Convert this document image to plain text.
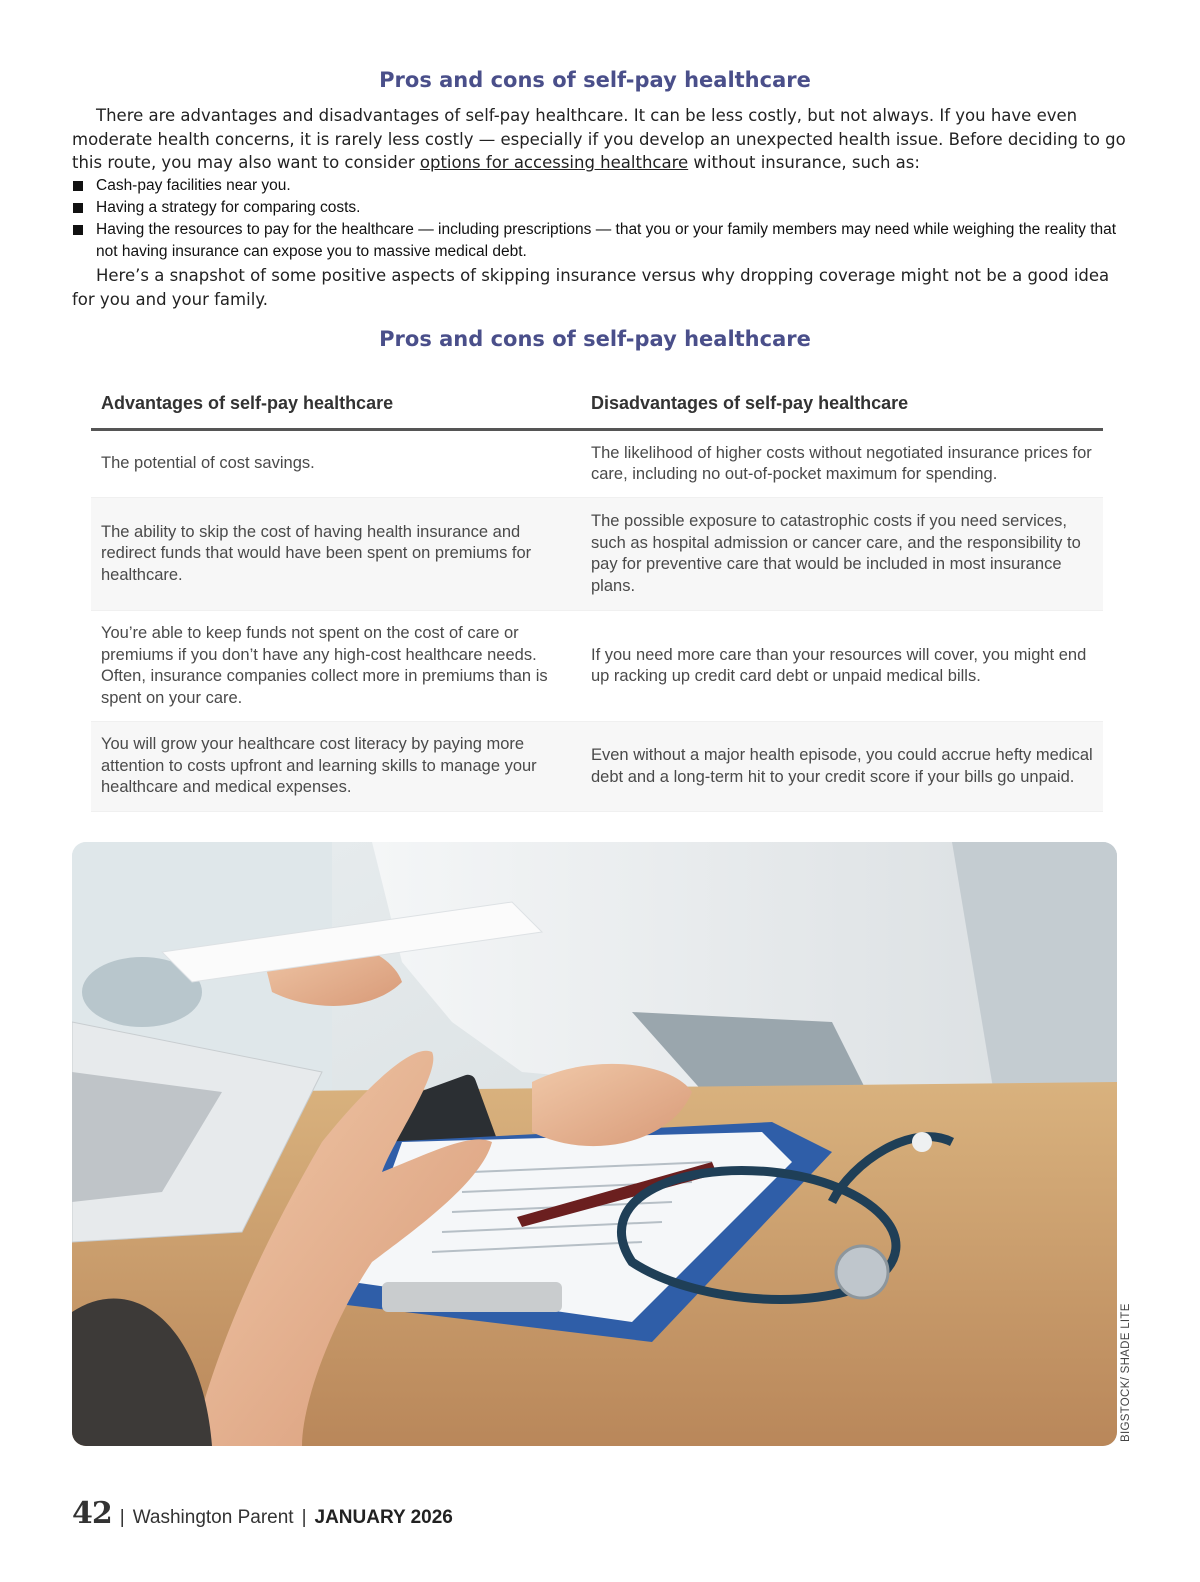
Pros and cons of self-pay healthcare
There are advantages and disadvantages of self-pay healthcare. It can be less costly, but not always. If you have even moderate health concerns, it is rarely less costly — especially if you develop an unexpected health issue. Before deciding to go this route, you may also want to consider options for accessing healthcare without insurance, such as:
Cash-pay facilities near you.
Having a strategy for comparing costs.
Having the resources to pay for the healthcare — including prescriptions — that you or your family members may need while weighing the reality that not having insurance can expose you to massive medical debt.
Here’s a snapshot of some positive aspects of skipping insurance versus why dropping coverage might not be a good idea for you and your family.
Pros and cons of self-pay healthcare
Advantages of self-pay healthcare	Disadvantages of self-pay healthcare
The potential of cost savings.	The likelihood of higher costs without negotiated insurance prices for care, including no out-of-pocket maximum for spending.
The ability to skip the cost of having health insurance and redirect funds that would have been spent on premiums for healthcare.	The possible exposure to catastrophic costs if you need services, such as hospital admission or cancer care, and the responsibility to pay for preventive care that would be included in most insurance plans.
You’re able to keep funds not spent on the cost of care or premiums if you don’t have any high-cost healthcare needs. Often, insurance companies collect more in premiums than is spent on your care.	If you need more care than your resources will cover, you might end up racking up credit card debt or unpaid medical bills.
You will grow your healthcare cost literacy by paying more attention to costs upfront and learning skills to manage your healthcare and medical expenses.	Even without a major health episode, you could accrue hefty medical debt and a long-term hit to your credit score if your bills go unpaid.
BIGSTOCK/ SHADE LITE
42 | Washington Parent | JANUARY 2026
